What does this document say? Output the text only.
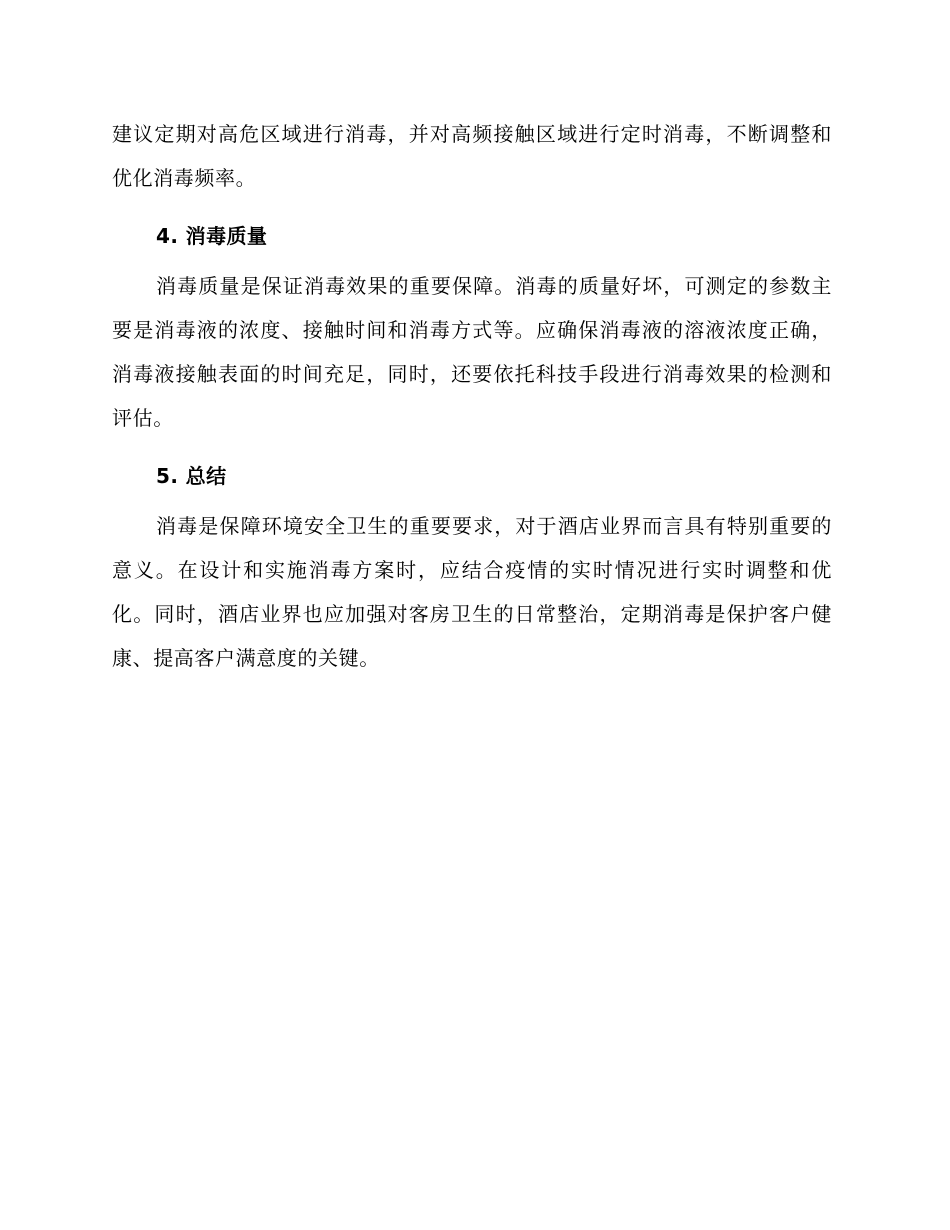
建议定期对高危区域进行消毒，并对高频接触区域进行定时消毒，不断调整和优化消毒频率。

4. 消毒质量

消毒质量是保证消毒效果的重要保障。消毒的质量好坏，可测定的参数主要是消毒液的浓度、接触时间和消毒方式等。应确保消毒液的溶液浓度正确，消毒液接触表面的时间充足，同时，还要依托科技手段进行消毒效果的检测和评估。

5. 总结

消毒是保障环境安全卫生的重要要求，对于酒店业界而言具有特别重要的意义。在设计和实施消毒方案时，应结合疫情的实时情况进行实时调整和优化。同时，酒店业界也应加强对客房卫生的日常整治，定期消毒是保护客户健康、提高客户满意度的关键。
